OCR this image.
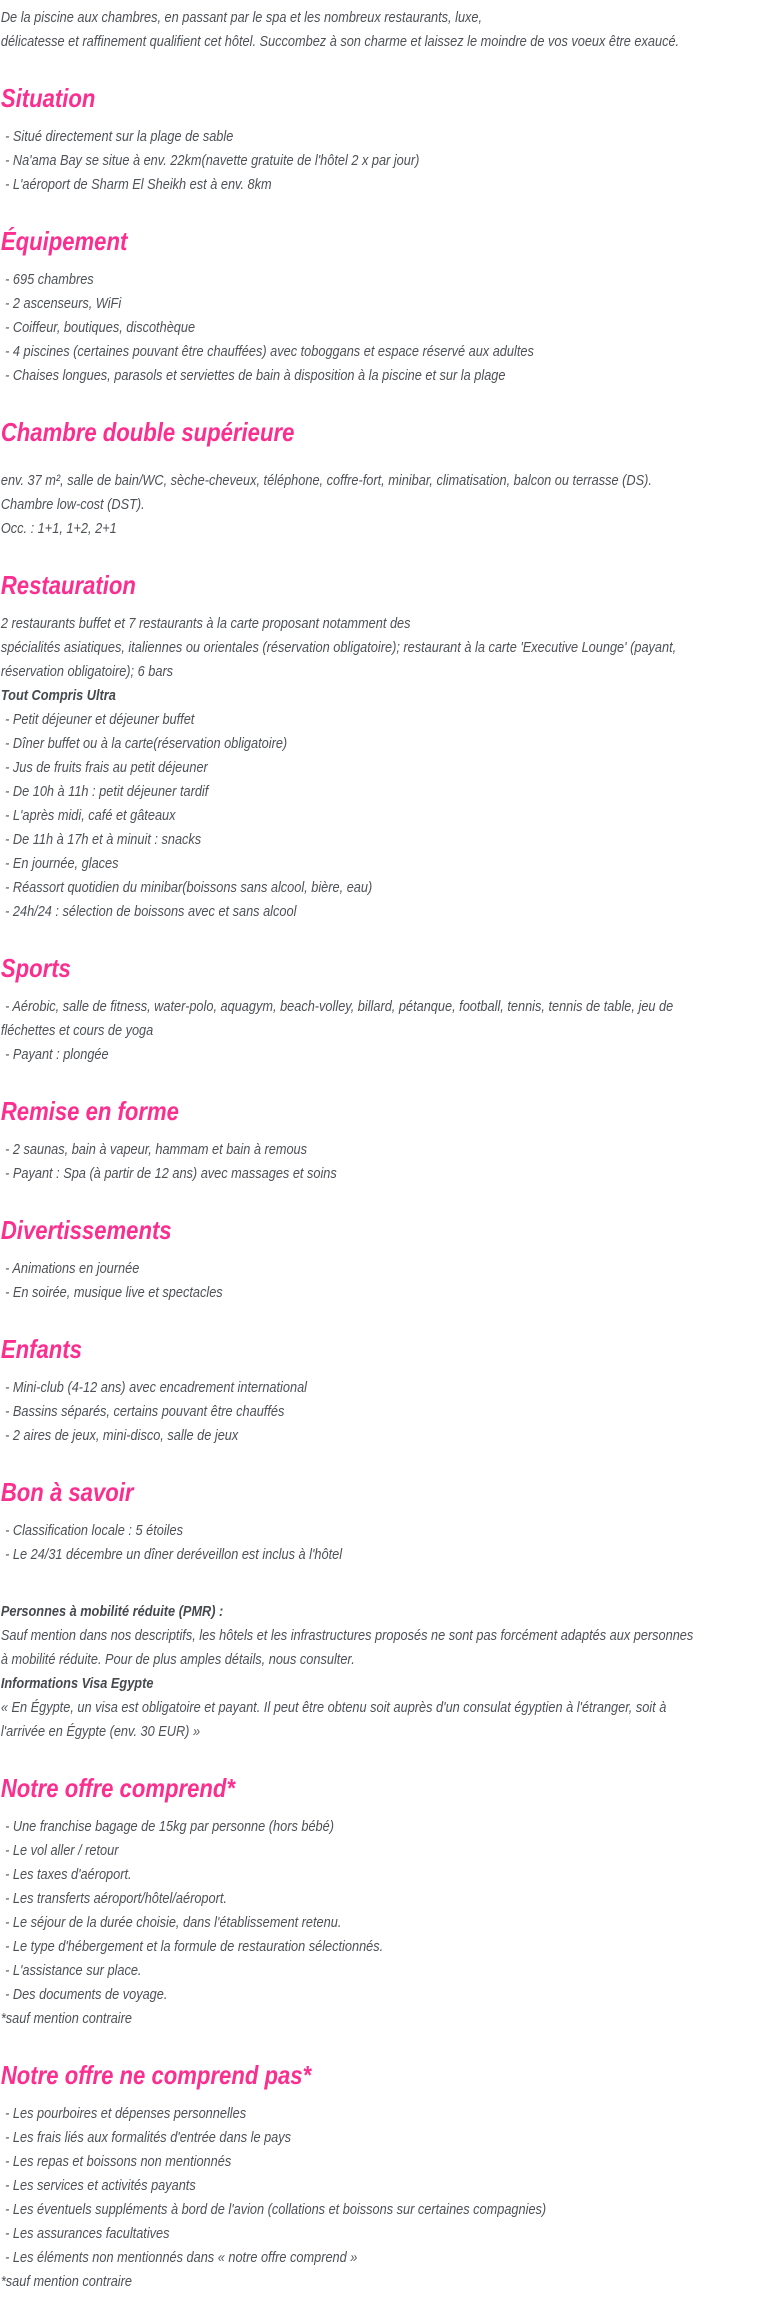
De la piscine aux chambres, en passant par le spa et les nombreux restaurants, luxe,
délicatesse et raffinement qualifient cet hôtel. Succombez à son charme et laissez le moindre de vos voeux être exaucé.
Situation
- Situé directement sur la plage de sable
- Na'ama Bay se situe à env. 22km(navette gratuite de l'hôtel 2 x par jour)
- L'aéroport de Sharm El Sheikh est à env. 8km
Équipement
- 695 chambres
- 2 ascenseurs, WiFi
- Coiffeur, boutiques, discothèque
- 4 piscines (certaines pouvant être chauffées) avec toboggans et espace réservé aux adultes
- Chaises longues, parasols et serviettes de bain à disposition à la piscine et sur la plage
Chambre double supérieure
env. 37 m², salle de bain/WC, sèche-cheveux, téléphone, coffre-fort, minibar, climatisation, balcon ou terrasse (DS).
Chambre low-cost (DST).
Occ. : 1+1, 1+2, 2+1
Restauration
2 restaurants buffet et 7 restaurants à la carte proposant notamment des
spécialités asiatiques, italiennes ou orientales (réservation obligatoire); restaurant à la carte 'Executive Lounge' (payant,
réservation obligatoire); 6 bars
Tout Compris Ultra
- Petit déjeuner et déjeuner buffet
- Dîner buffet ou à la carte(réservation obligatoire)
- Jus de fruits frais au petit déjeuner
- De 10h à 11h : petit déjeuner tardif
- L'après midi, café et gâteaux
- De 11h à 17h et à minuit : snacks
- En journée, glaces
- Réassort quotidien du minibar(boissons sans alcool, bière, eau)
- 24h/24 : sélection de boissons avec et sans alcool
Sports
- Aérobic, salle de fitness, water-polo, aquagym, beach-volley, billard, pétanque, football, tennis, tennis de table, jeu de
fléchettes et cours de yoga
- Payant : plongée
Remise en forme
- 2 saunas, bain à vapeur, hammam et bain à remous
- Payant : Spa (à partir de 12 ans) avec massages et soins
Divertissements
- Animations en journée
- En soirée, musique live et spectacles
Enfants
- Mini-club (4-12 ans) avec encadrement international
- Bassins séparés, certains pouvant être chauffés
- 2 aires de jeux, mini-disco, salle de jeux
Bon à savoir
- Classification locale : 5 étoiles
- Le 24/31 décembre un dîner deréveillon est inclus à l'hôtel
Personnes à mobilité réduite (PMR) :
Sauf mention dans nos descriptifs, les hôtels et les infrastructures proposés ne sont pas forcément adaptés aux personnes
à mobilité réduite. Pour de plus amples détails, nous consulter.
Informations Visa Egypte
« En Égypte, un visa est obligatoire et payant. Il peut être obtenu soit auprès d'un consulat égyptien à l'étranger, soit à
l'arrivée en Égypte (env. 30 EUR) »
Notre offre comprend*
- Une franchise bagage de 15kg par personne (hors bébé)
- Le vol aller / retour
- Les taxes d'aéroport.
- Les transferts aéroport/hôtel/aéroport.
- Le séjour de la durée choisie, dans l'établissement retenu.
- Le type d'hébergement et la formule de restauration sélectionnés.
- L'assistance sur place.
- Des documents de voyage.
*sauf mention contraire
Notre offre ne comprend pas*
- Les pourboires et dépenses personnelles
- Les frais liés aux formalités d'entrée dans le pays
- Les repas et boissons non mentionnés
- Les services et activités payants
- Les éventuels suppléments à bord de l'avion (collations et boissons sur certaines compagnies)
- Les assurances facultatives
- Les éléments non mentionnés dans « notre offre comprend »
*sauf mention contraire
